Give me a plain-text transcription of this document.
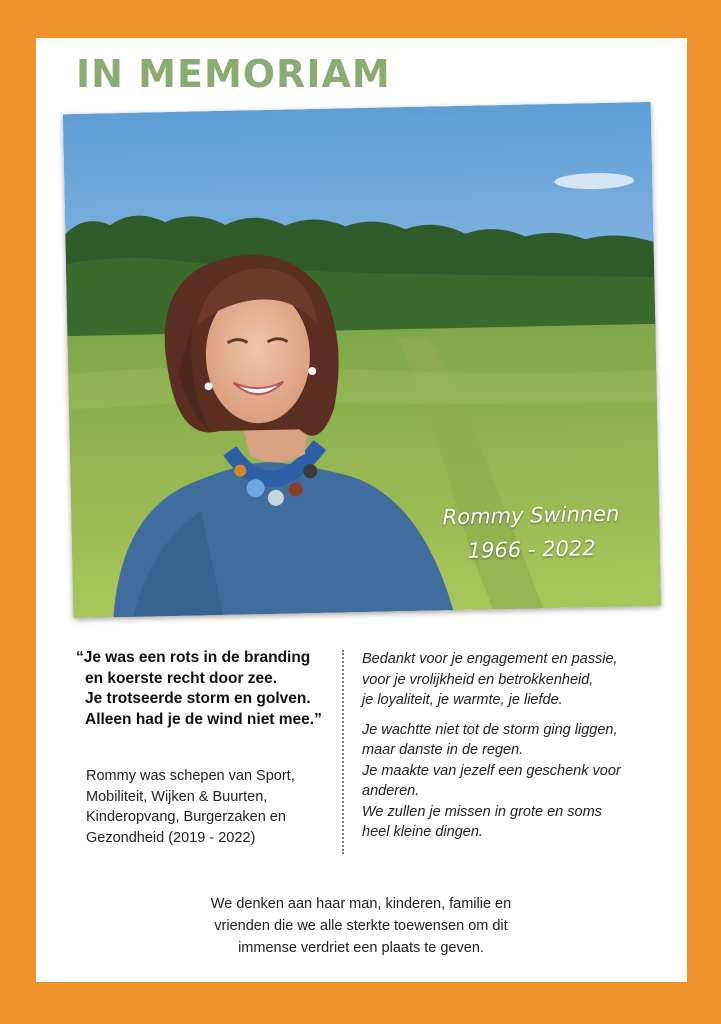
IN MEMORIAM
Rommy Swinnen
1966 - 2022
“Je was een rots in de branding
en koerste recht door zee.
Je trotseerde storm en golven.
Alleen had je de wind niet mee.”
Rommy was schepen van Sport,
Mobiliteit, Wijken & Buurten,
Kinderopvang, Burgerzaken en
Gezondheid (2019 - 2022)
Bedankt voor je engagement en passie,
voor je vrolijkheid en betrokkenheid,
je loyaliteit, je warmte, je liefde.
Je wachtte niet tot de storm ging liggen,
maar danste in de regen.
Je maakte van jezelf een geschenk voor
anderen.
We zullen je missen in grote en soms
heel kleine dingen.
We denken aan haar man, kinderen, familie en
vrienden die we alle sterkte toewensen om dit
immense verdriet een plaats te geven.
